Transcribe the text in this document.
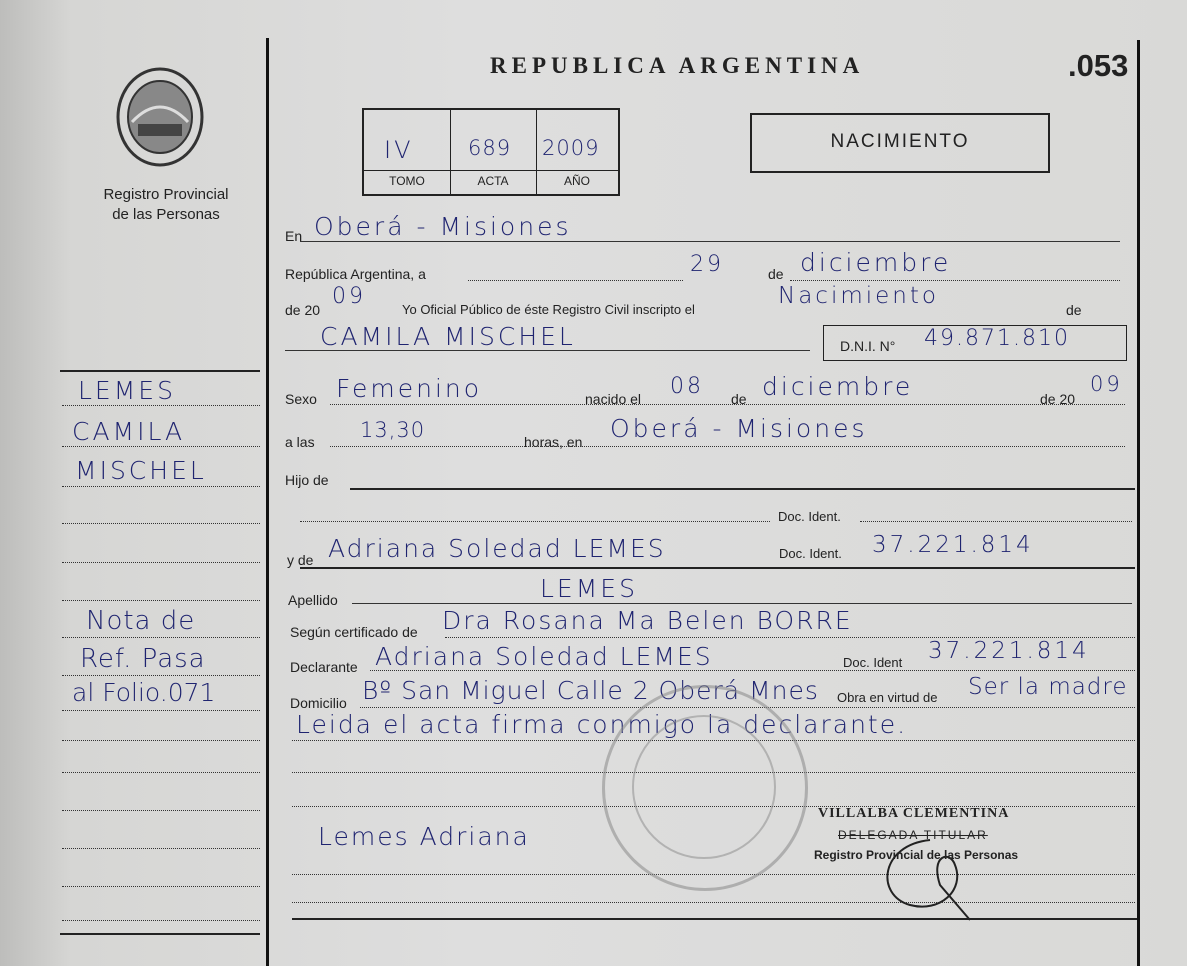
Registro Provincial
de las Personas
REPUBLICA ARGENTINA	.053
IV	689 2009
TOMO	ACTA	AÑO
NACIMIENTO
En Oberá - Misiones
República Argentina, a	29	de diciembre
de 20
09
Yo Oficial Público de éste Registro Civil inscripto el
Nacimiento
de
CAMILA MISCHEL	D.N.I. N° 49.871.810
Sexo Femenino	nacido el 08 de diciembre	de 20
09
a las 13,30	horas, en Oberá - Misiones
Hijo de
Doc. Ident.
y de Adriana Soledad LEMES	Doc. Ident. 37.221.814
Apellido	LEMES
Según certificado de Dra Rosana Ma Belen BORRE
Declarante Adriana Soledad LEMES	Doc. Ident 37.221.814
Domicilio Bº San Miguel Calle 2 Oberá Mnes Obra en virtud de Ser la madre
Leida el acta firma conmigo la declarante.
Lemes Adriana
VILLALBA CLEMENTINA
DELEGADA TITULAR
Registro Provincial de las Personas
LEMES
CAMILA
MISCHEL
Nota de
Ref. Pasa
al Folio.071
